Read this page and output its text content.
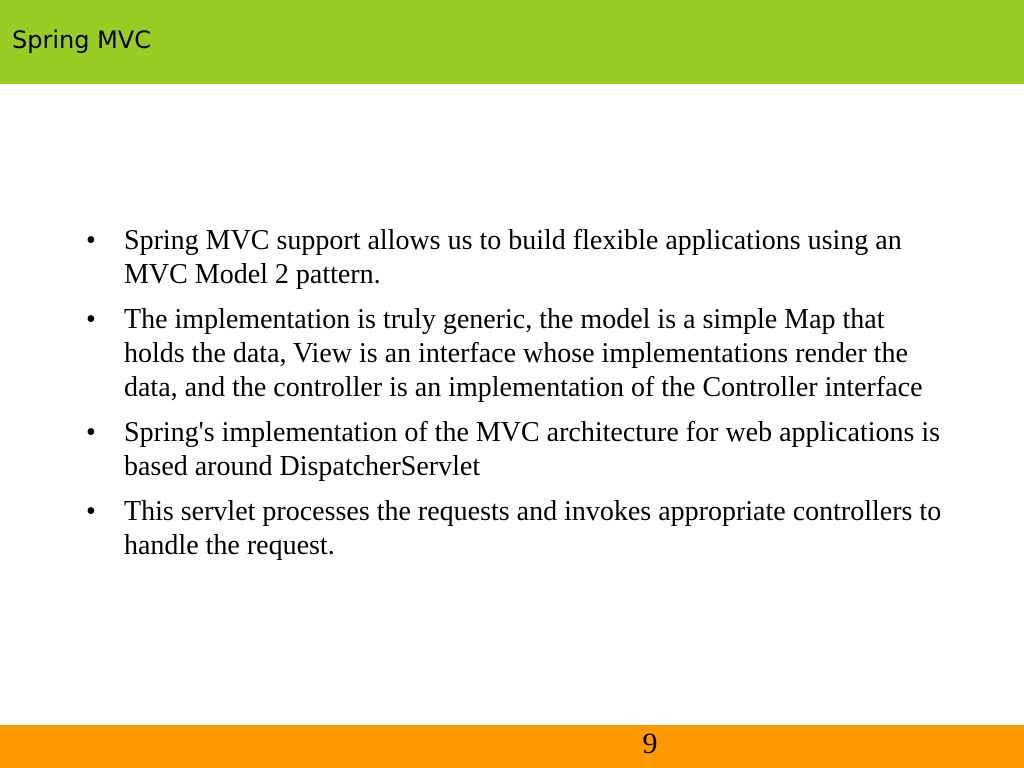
Spring MVC
•	Spring MVC support allows us to build flexible applications using an MVC Model 2 pattern.
•	The implementation is truly generic, the model is a simple Map that holds the data, View is an interface whose implementations render the data, and the controller is an implementation of the Controller interface
•	Spring's implementation of the MVC architecture for web applications is based around DispatcherServlet
•	This servlet processes the requests and invokes appropriate controllers to handle the request.
9
